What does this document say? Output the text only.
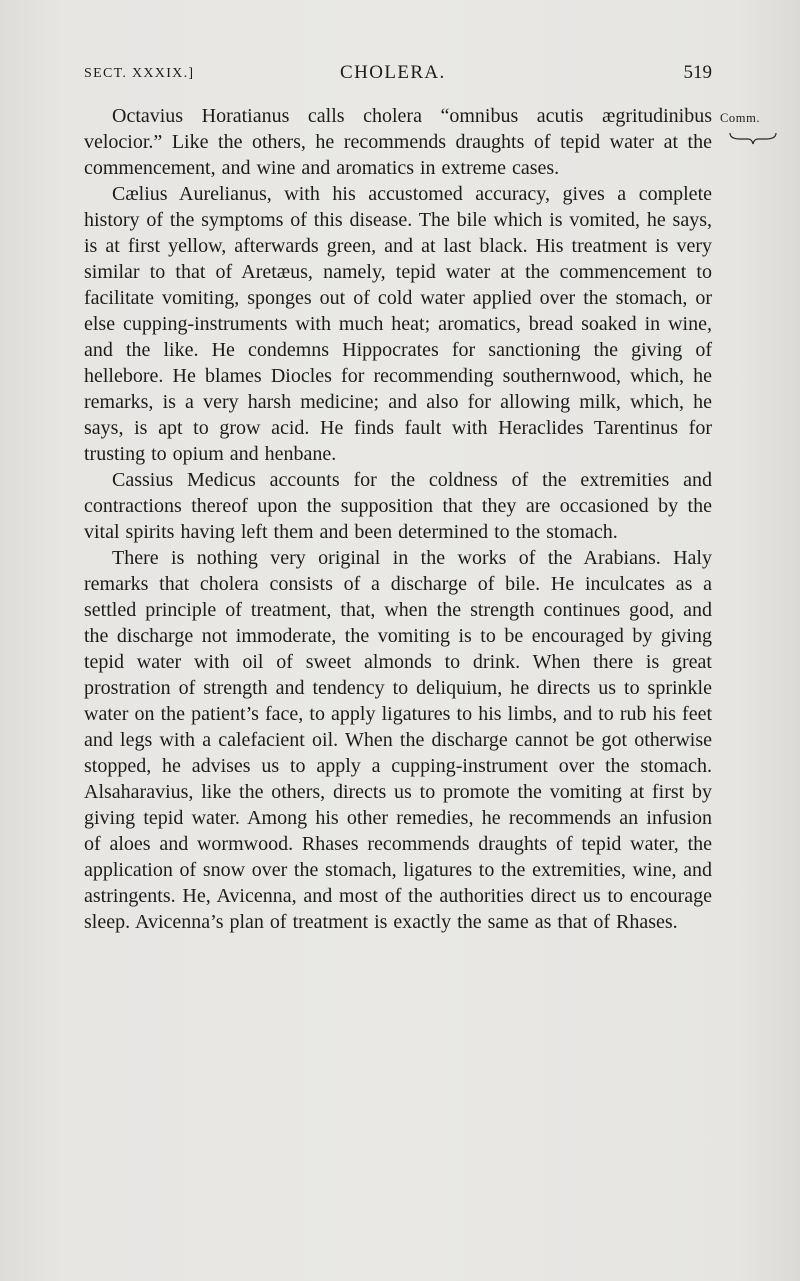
SECT. XXXIX.]	CHOLERA.	519
Comm.

Octavius Horatianus calls cholera “omnibus acutis ægritudinibus velocior.” Like the others, he recommends draughts of tepid water at the commencement, and wine and aromatics in extreme cases.

Cælius Aurelianus, with his accustomed accuracy, gives a complete history of the symptoms of this disease. The bile which is vomited, he says, is at first yellow, afterwards green, and at last black. His treatment is very similar to that of Aretæus, namely, tepid water at the commencement to facilitate vomiting, sponges out of cold water applied over the stomach, or else cupping-instruments with much heat; aromatics, bread soaked in wine, and the like. He condemns Hippocrates for sanctioning the giving of hellebore. He blames Diocles for recommending southernwood, which, he remarks, is a very harsh medicine; and also for allowing milk, which, he says, is apt to grow acid. He finds fault with Heraclides Tarentinus for trusting to opium and henbane.

Cassius Medicus accounts for the coldness of the extremities and contractions thereof upon the supposition that they are occasioned by the vital spirits having left them and been determined to the stomach.

There is nothing very original in the works of the Arabians. Haly remarks that cholera consists of a discharge of bile. He inculcates as a settled principle of treatment, that, when the strength continues good, and the discharge not immoderate, the vomiting is to be encouraged by giving tepid water with oil of sweet almonds to drink. When there is great prostration of strength and tendency to deliquium, he directs us to sprinkle water on the patient’s face, to apply ligatures to his limbs, and to rub his feet and legs with a calefacient oil. When the discharge cannot be got otherwise stopped, he advises us to apply a cupping-instrument over the stomach. Alsaharavius, like the others, directs us to promote the vomiting at first by giving tepid water. Among his other remedies, he recommends an infusion of aloes and wormwood. Rhases recommends draughts of tepid water, the application of snow over the stomach, ligatures to the extremities, wine, and astringents. He, Avicenna, and most of the authorities direct us to encourage sleep. Avicenna’s plan of treatment is exactly the same as that of Rhases.
